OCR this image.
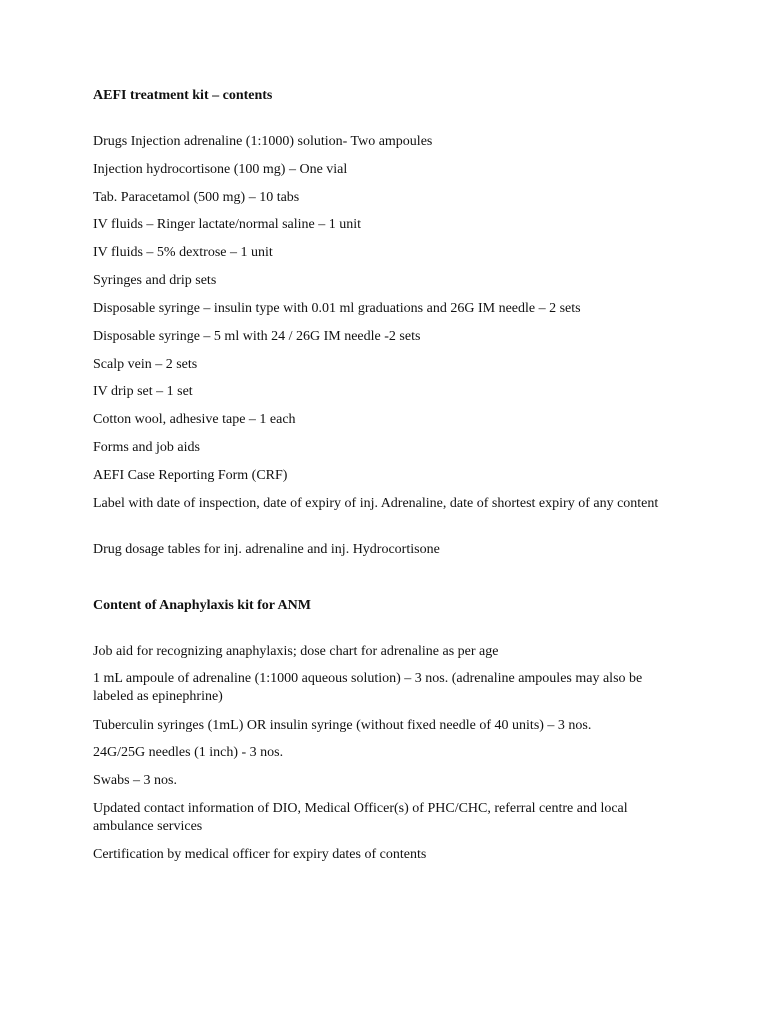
AEFI treatment kit – contents
Drugs Injection adrenaline (1:1000) solution- Two ampoules
Injection hydrocortisone (100 mg) – One vial
Tab. Paracetamol (500 mg) – 10 tabs
IV fluids – Ringer lactate/normal saline – 1 unit
IV fluids – 5% dextrose – 1 unit
Syringes and drip sets
Disposable syringe – insulin type with 0.01 ml graduations and 26G IM needle – 2 sets
Disposable syringe – 5 ml with 24 / 26G IM needle -2 sets
Scalp vein – 2 sets
IV drip set – 1 set
Cotton wool, adhesive tape – 1 each
Forms and job aids
AEFI Case Reporting Form (CRF)
Label with date of inspection, date of expiry of inj. Adrenaline, date of shortest expiry of any content
Drug dosage tables for inj. adrenaline and inj. Hydrocortisone
Content of Anaphylaxis kit for ANM
Job aid for recognizing anaphylaxis; dose chart for adrenaline as per age
1 mL ampoule of adrenaline (1:1000 aqueous solution) – 3 nos. (adrenaline ampoules may also be labeled as epinephrine)
Tuberculin syringes (1mL) OR insulin syringe (without fixed needle of 40 units) – 3 nos.
24G/25G needles (1 inch) - 3 nos.
Swabs – 3 nos.
Updated contact information of DIO, Medical Officer(s) of PHC/CHC, referral centre and local ambulance services
Certification by medical officer for expiry dates of contents
